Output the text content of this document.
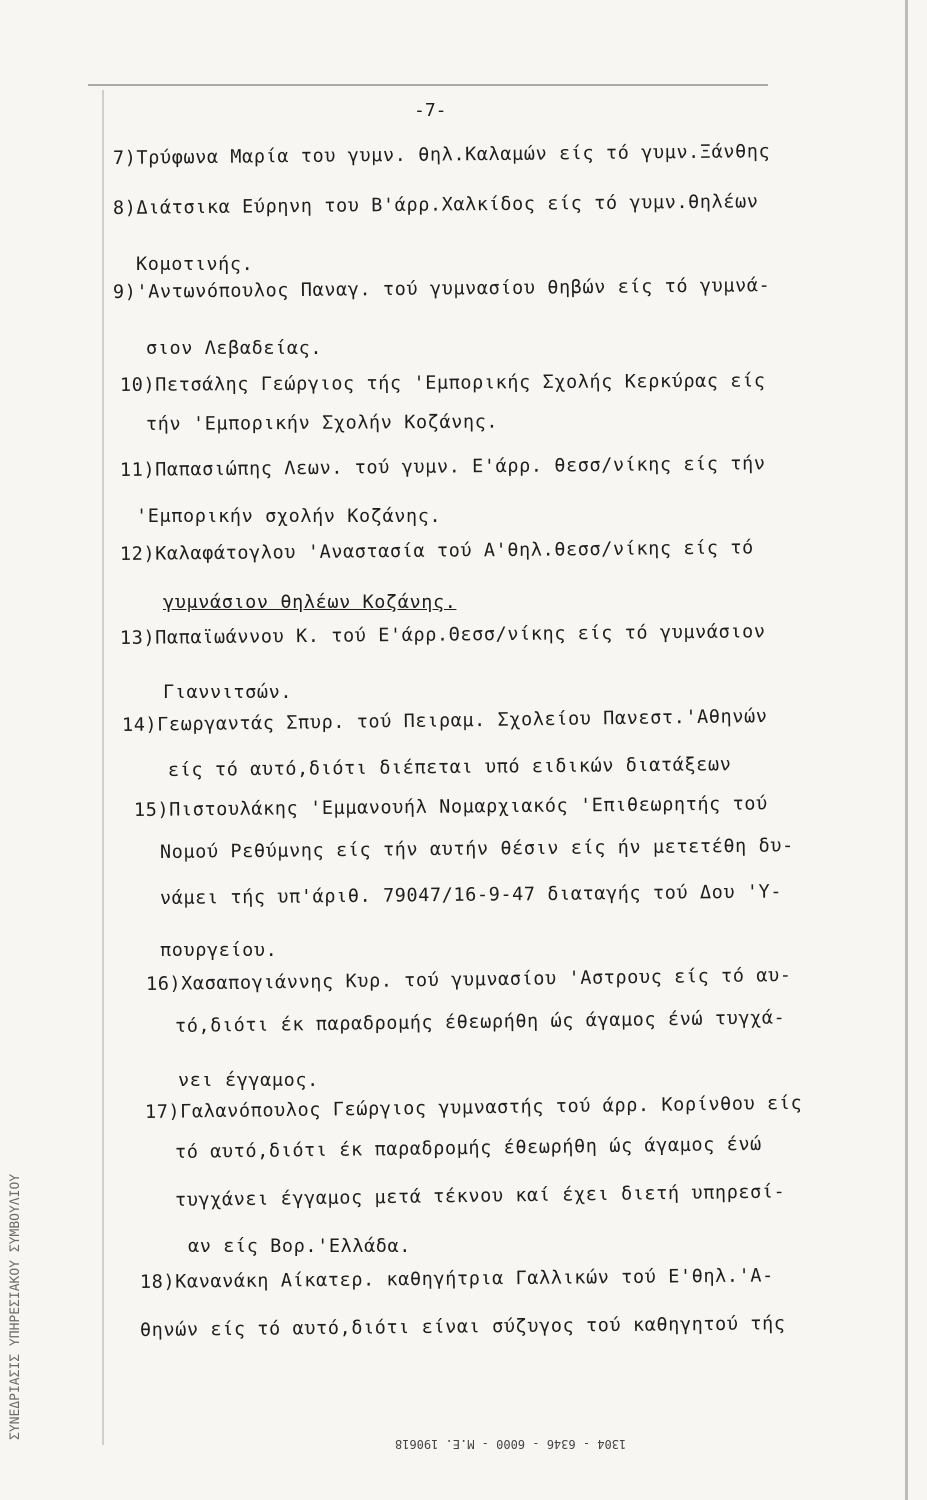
-7-
7)Τρύφωνα Μαρία του γυμν. θηλ.Καλαμών είς τό γυμν.Ξάνθης
8)Διάτσικα Εύρηνη του Β'άρρ.Χαλκίδος είς τό γυμν.θηλέων
Κομοτινής.
9)'Αντωνόπουλος Παναγ. τού γυμνασίου θηβών είς τό γυμνά-
σιον Λεβαδείας.
10)Πετσάλης Γεώργιος τής 'Εμπορικής Σχολής Κερκύρας είς
τήν 'Εμπορικήν Σχολήν Κοζάνης.
11)Παπασιώπης Λεων. τού γυμν. Ε'άρρ. θεσσ/νίκης είς τήν
'Εμπορικήν σχολήν Κοζάνης.
12)Καλαφάτογλου 'Αναστασία τού Α'θηλ.θεσσ/νίκης είς τό
γυμνάσιον θηλέων Κοζάνης.
13)Παπαϊωάννου Κ. τού Ε'άρρ.Θεσσ/νίκης είς τό γυμνάσιον
Γιαννιτσών.
14)Γεωργαντάς Σπυρ. τού Πειραμ. Σχολείου Πανεστ.'Αθηνών
είς τό αυτό,διότι διέπεται υπό ειδικών διατάξεων
15)Πιστουλάκης 'Εμμανουήλ Νομαρχιακός 'Επιθεωρητής τού
Νομού Ρεθύμνης είς τήν αυτήν θέσιν είς ήν μετετέθη δυ-
νάμει τής υπ'άριθ. 79047/16-9-47 διαταγής τού Δου 'Υ-
πουργείου.
16)Χασαπογιάννης Κυρ. τού γυμνασίου 'Αστρους είς τό αυ-
τό,διότι έκ παραδρομής έθεωρήθη ώς άγαμος ένώ τυγχά-
νει έγγαμος.
17)Γαλανόπουλος Γεώργιος γυμναστής τού άρρ. Κορίνθου είς
τό αυτό,διότι έκ παραδρομής έθεωρήθη ώς άγαμος ένώ
τυγχάνει έγγαμος μετά τέκνου καί έχει διετή υπηρεσί-
αν είς Βορ.'Ελλάδα.
18)Κανανάκη Αίκατερ. καθηγήτρια Γαλλικών τού Ε'θηλ.'Α-
θηνών είς τό αυτό,διότι είναι σύζυγος τού καθηγητού τής
ΣΥΝΕΔΡΙΑΣΙΣ ΥΠΗΡΕΣΙΑΚΟΥ ΣΥΜΒΟΥΛΙΟΥ
1304 - 6346 - 6000 - Μ.Ε. 190618
